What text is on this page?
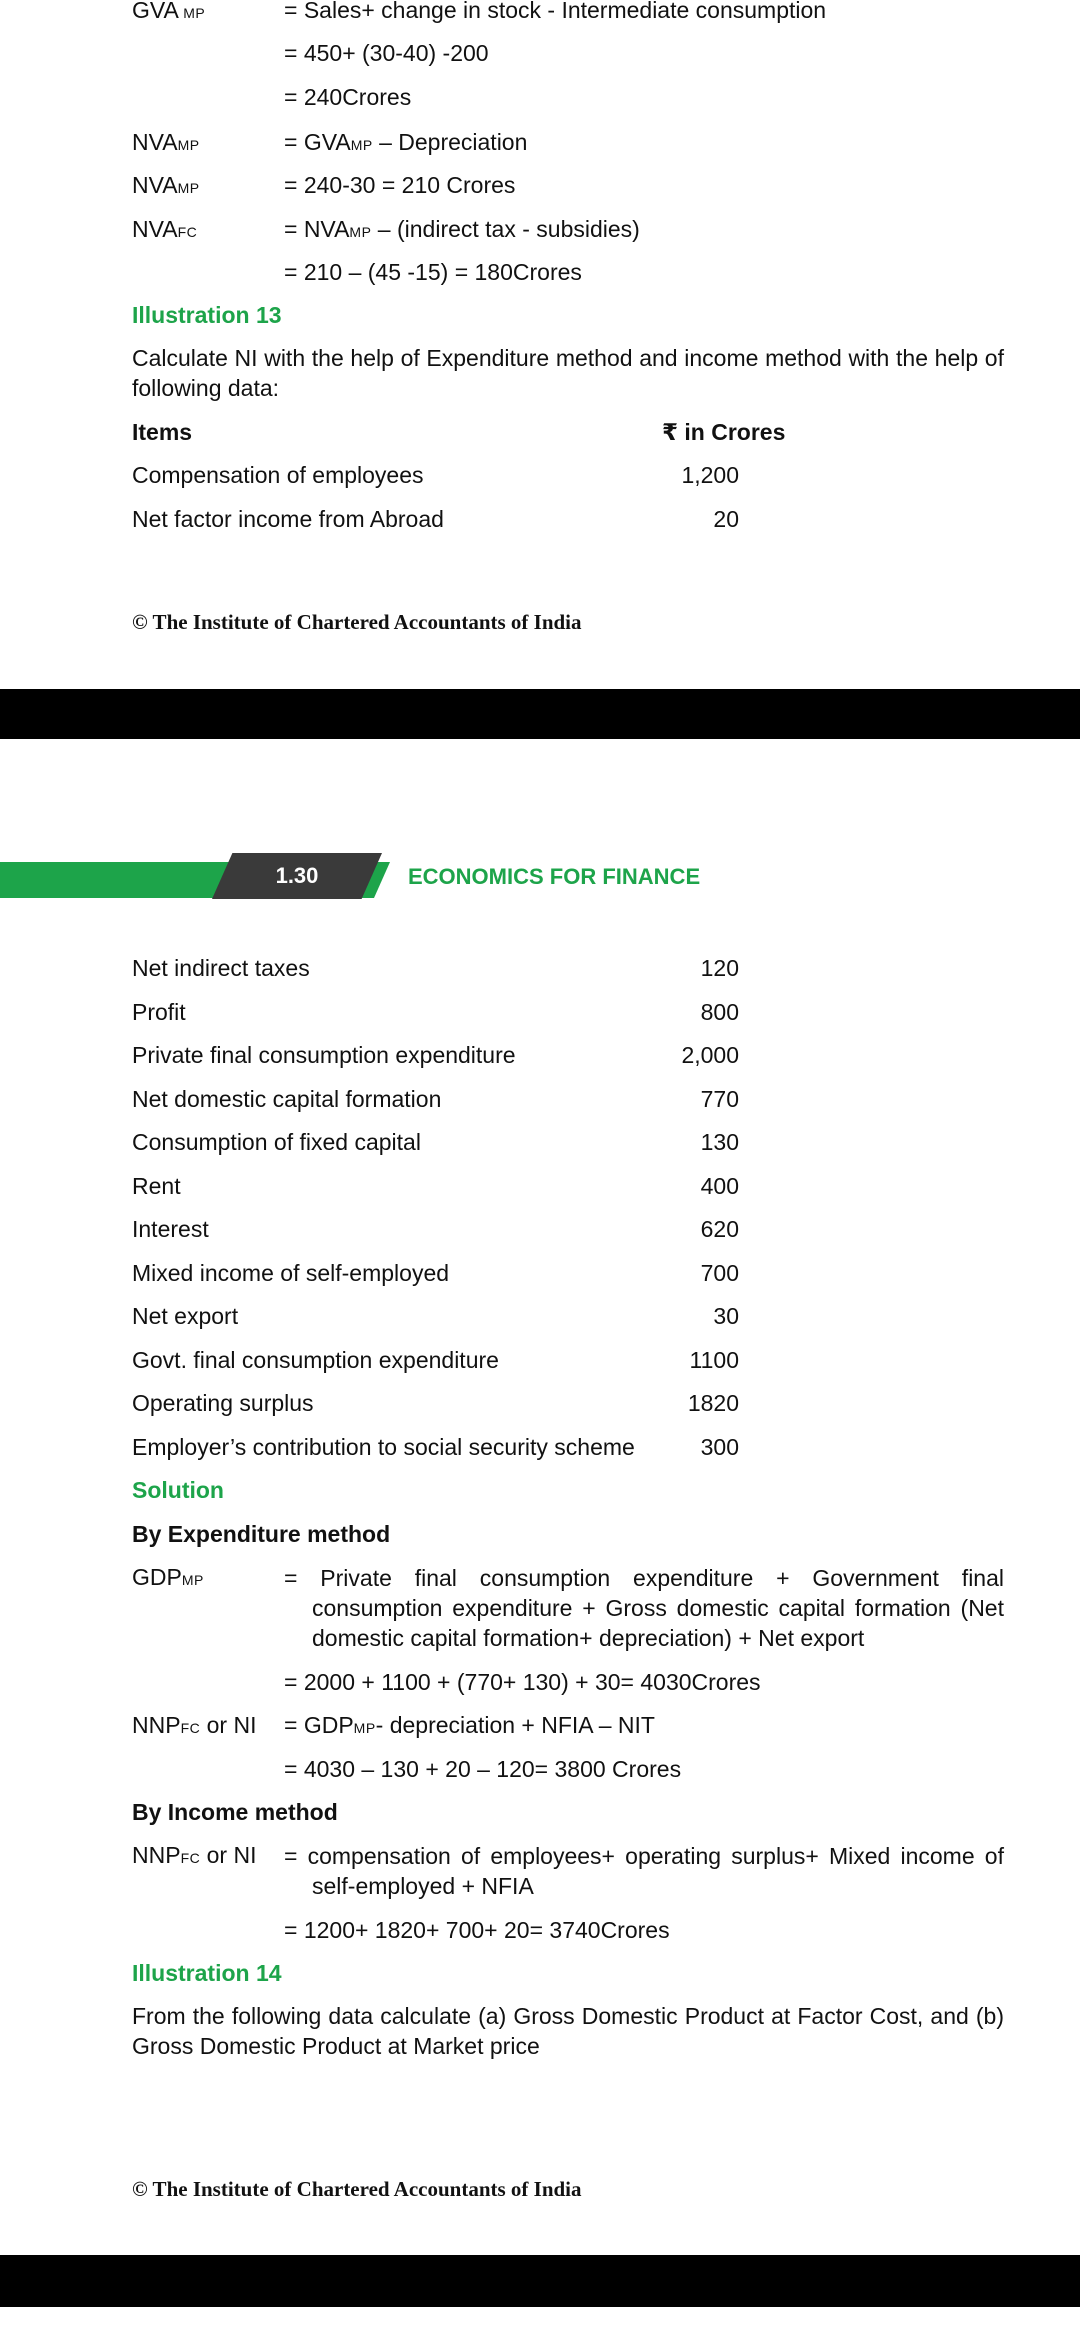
GVA MP	= Sales+ change in stock - Intermediate consumption
= 450+ (30-40) -200
= 240Crores
NVAMP	= GVAMP – Depreciation
NVAMP	= 240-30 = 210 Crores
NVAFC	= NVAMP – (indirect tax - subsidies)
= 210 – (45 -15) = 180Crores
Illustration 13
Calculate NI with the help of Expenditure method and income method with the help of following data:
Items	₹ in Crores
Compensation of employees	1,200
Net factor income from Abroad	20
© The Institute of Chartered Accountants of India
1.30	ECONOMICS FOR FINANCE
Net indirect taxes	120
Profit	800
Private final consumption expenditure	2,000
Net domestic capital formation	770
Consumption of fixed capital	130
Rent	400
Interest	620
Mixed income of self-employed	700
Net export	30
Govt. final consumption expenditure	1100
Operating surplus	1820
Employer’s contribution to social security scheme	300
Solution
By Expenditure method
GDPMP	= Private final consumption expenditure + Government final consumption expenditure + Gross domestic capital formation (Net domestic capital formation+ depreciation) + Net export
= 2000 + 1100 + (770+ 130) + 30= 4030Crores
NNPFC or NI = GDPMP- depreciation + NFIA – NIT
= 4030 – 130 + 20 – 120= 3800 Crores
By Income method
NNPFC or NI = compensation of employees+ operating surplus+ Mixed income of self-employed + NFIA
= 1200+ 1820+ 700+ 20= 3740Crores
Illustration 14
From the following data calculate (a) Gross Domestic Product at Factor Cost, and (b) Gross Domestic Product at Market price
© The Institute of Chartered Accountants of India
